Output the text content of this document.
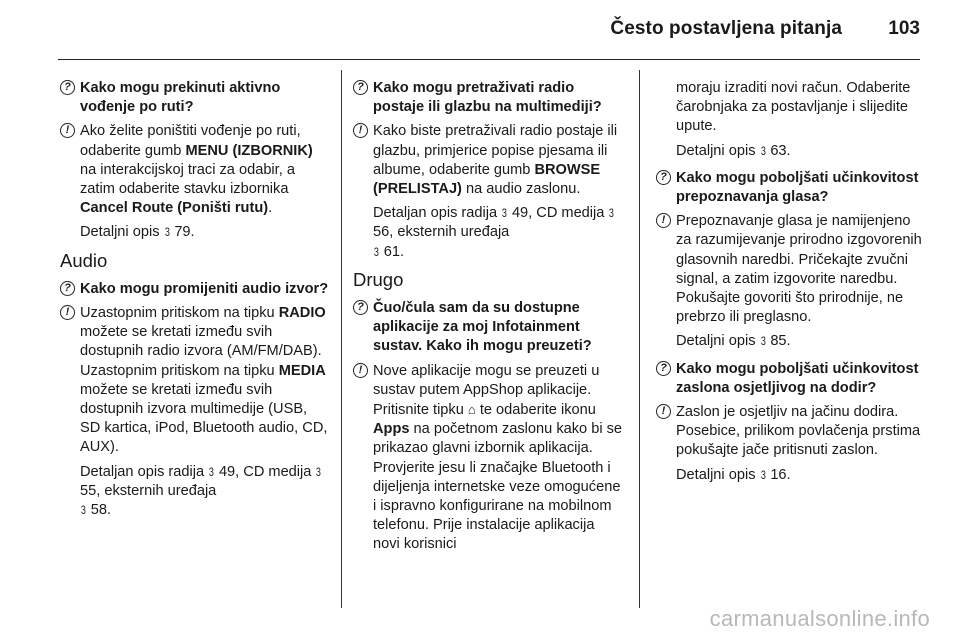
Često postavljena pitanja 103
? Kako mogu prekinuti aktivno vođenje po ruti?
! Ako želite poništiti vođenje po ruti, odaberite gumb MENU (IZBORNIK) na interakcijskoj traci za odabir, a zatim odaberite stavku izbornika Cancel Route (Poništi rutu).
Detaljni opis 3 79.
Audio
? Kako mogu promijeniti audio izvor?
! Uzastopnim pritiskom na tipku RADIO možete se kretati između svih dostupnih radio izvora (AM/FM/DAB). Uzastopnim pritiskom na tipku MEDIA možete se kretati između svih dostupnih izvora multimedije (USB, SD kartica, iPod, Bluetooth audio, CD, AUX).
Detaljan opis radija 3 49, CD medija 3 55, eksternih uređaja
3 58.
? Kako mogu pretraživati radio postaje ili glazbu na multimediji?
! Kako biste pretraživali radio postaje ili glazbu, primjerice popise pjesama ili albume, odaberite gumb BROWSE (PRELISTAJ) na audio zaslonu.
Detaljan opis radija 3 49, CD medija 3 56, eksternih uređaja
3 61.
Drugo
? Čuo/čula sam da su dostupne aplikacije za moj Infotainment sustav. Kako ih mogu preuzeti?
! Nove aplikacije mogu se preuzeti u sustav putem AppShop aplikacije. Pritisnite tipku ⌂ te odaberite ikonu Apps na početnom zaslonu kako bi se prikazao glavni izbornik aplikacija. Provjerite jesu li značajke Bluetooth i dijeljenja internetske veze omogućene i ispravno konfigurirane na mobilnom telefonu. Prije instalacije aplikacija novi korisnici
moraju izraditi novi račun. Odaberite čarobnjaka za postavljanje i slijedite upute.
Detaljni opis 3 63.
? Kako mogu poboljšati učinkovitost prepoznavanja glasa?
! Prepoznavanje glasa je namijenjeno za razumijevanje prirodno izgovorenih glasovnih naredbi. Pričekajte zvučni signal, a zatim izgovorite naredbu. Pokušajte govoriti što prirodnije, ne prebrzo ili preglasno.
Detaljni opis 3 85.
? Kako mogu poboljšati učinkovitost zaslona osjetljivog na dodir?
! Zaslon je osjetljiv na jačinu dodira. Posebice, prilikom povlačenja prstima pokušajte jače pritisnuti zaslon.
Detaljni opis 3 16.
carmanualsonline.info
